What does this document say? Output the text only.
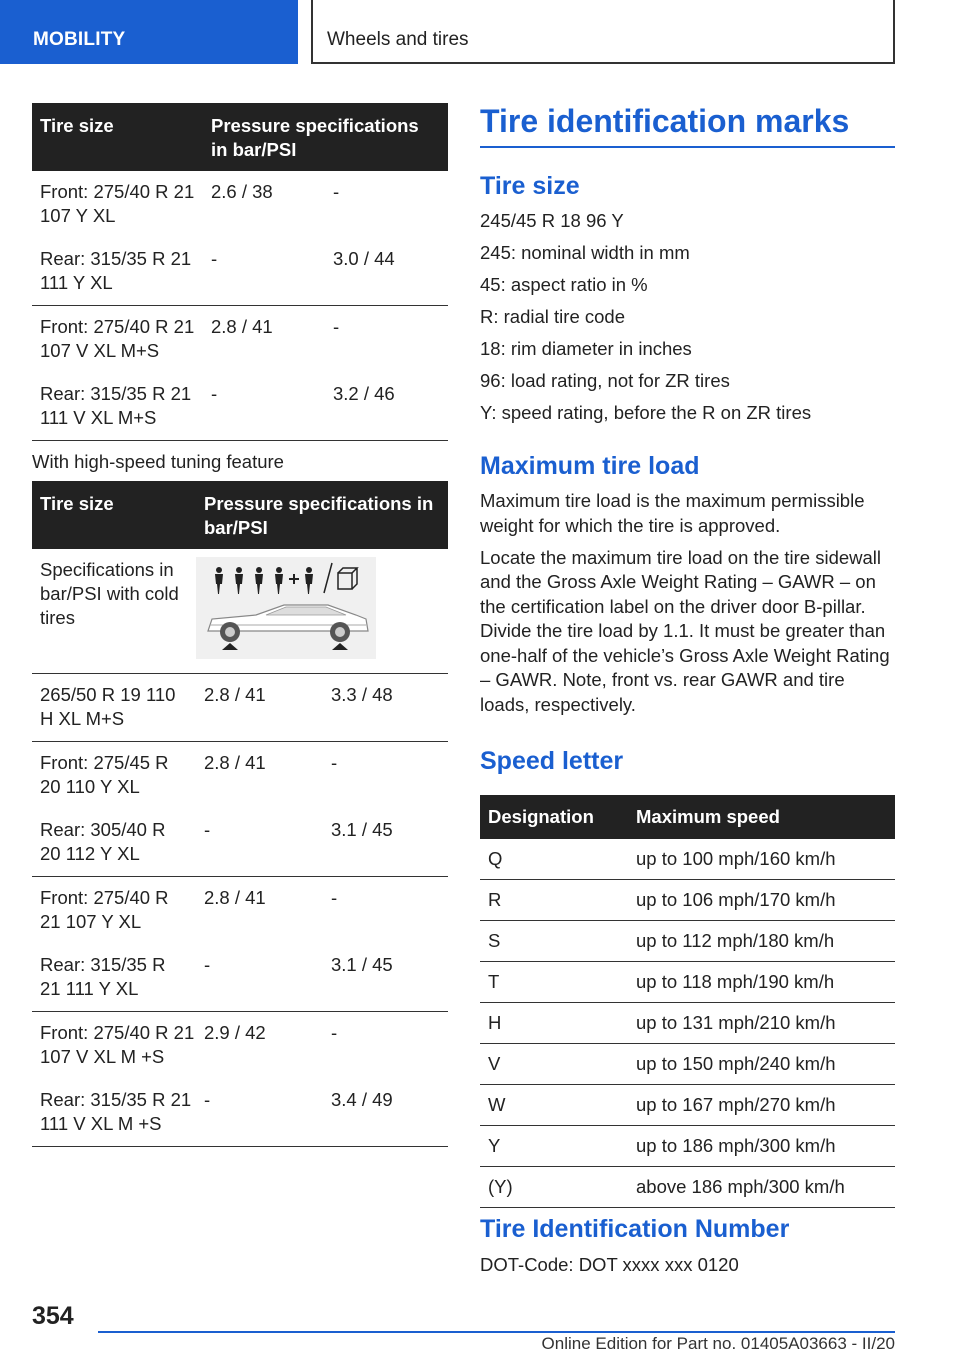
MOBILITY	Wheels and tires
Tire size	Pressure specifications in bar/PSI	
Front: 275/40 R 21 107 Y XL	2.6 / 38	-
Rear: 315/35 R 21 111 Y XL	-	3.0 / 44
Front: 275/40 R 21 107 V XL M+S	2.8 / 41	-
Rear: 315/35 R 21 111 V XL M+S	-	3.2 / 46
With high-speed tuning feature
Tire size	Pressure specifications in bar/PSI	
Specifications in bar/PSI with cold tires	

265/50 R 19 110 H XL M+S	2.8 / 41	3.3 / 48
Front: 275/45 R 20 110 Y XL	2.8 / 41	-
Rear: 305/40 R 20 112 Y XL	-	3.1 / 45
Front: 275/40 R 21 107 Y XL	2.8 / 41	-
Rear: 315/35 R 21 111 Y XL	-	3.1 / 45
Front: 275/40 R 21 107 V XL M +S	2.9 / 42	-
Rear: 315/35 R 21 111 V XL M +S	-	3.4 / 49
Tire identification marks
Tire size
245/45 R 18 96 Y
245: nominal width in mm
45: aspect ratio in %
R: radial tire code
18: rim diameter in inches
96: load rating, not for ZR tires
Y: speed rating, before the R on ZR tires
Maximum tire load
Maximum tire load is the maximum permissible weight for which the tire is approved.
Locate the maximum tire load on the tire sidewall and the Gross Axle Weight Rating – GAWR – on the certification label on the driver door B-pillar. Divide the tire load by 1.1. It must be greater than one-half of the vehicle’s Gross Axle Weight Rating – GAWR. Note, front vs. rear GAWR and tire loads, respectively.
Speed letter
Designation	Maximum speed
Q	up to 100 mph/160 km/h
R	up to 106 mph/170 km/h
S	up to 112 mph/180 km/h
T	up to 118 mph/190 km/h
H	up to 131 mph/210 km/h
V	up to 150 mph/240 km/h
W	up to 167 mph/270 km/h
Y	up to 186 mph/300 km/h
(Y)	above 186 mph/300 km/h
Tire Identification Number
DOT-Code: DOT xxxx xxx 0120
354
Online Edition for Part no. 01405A03663 - II/20
